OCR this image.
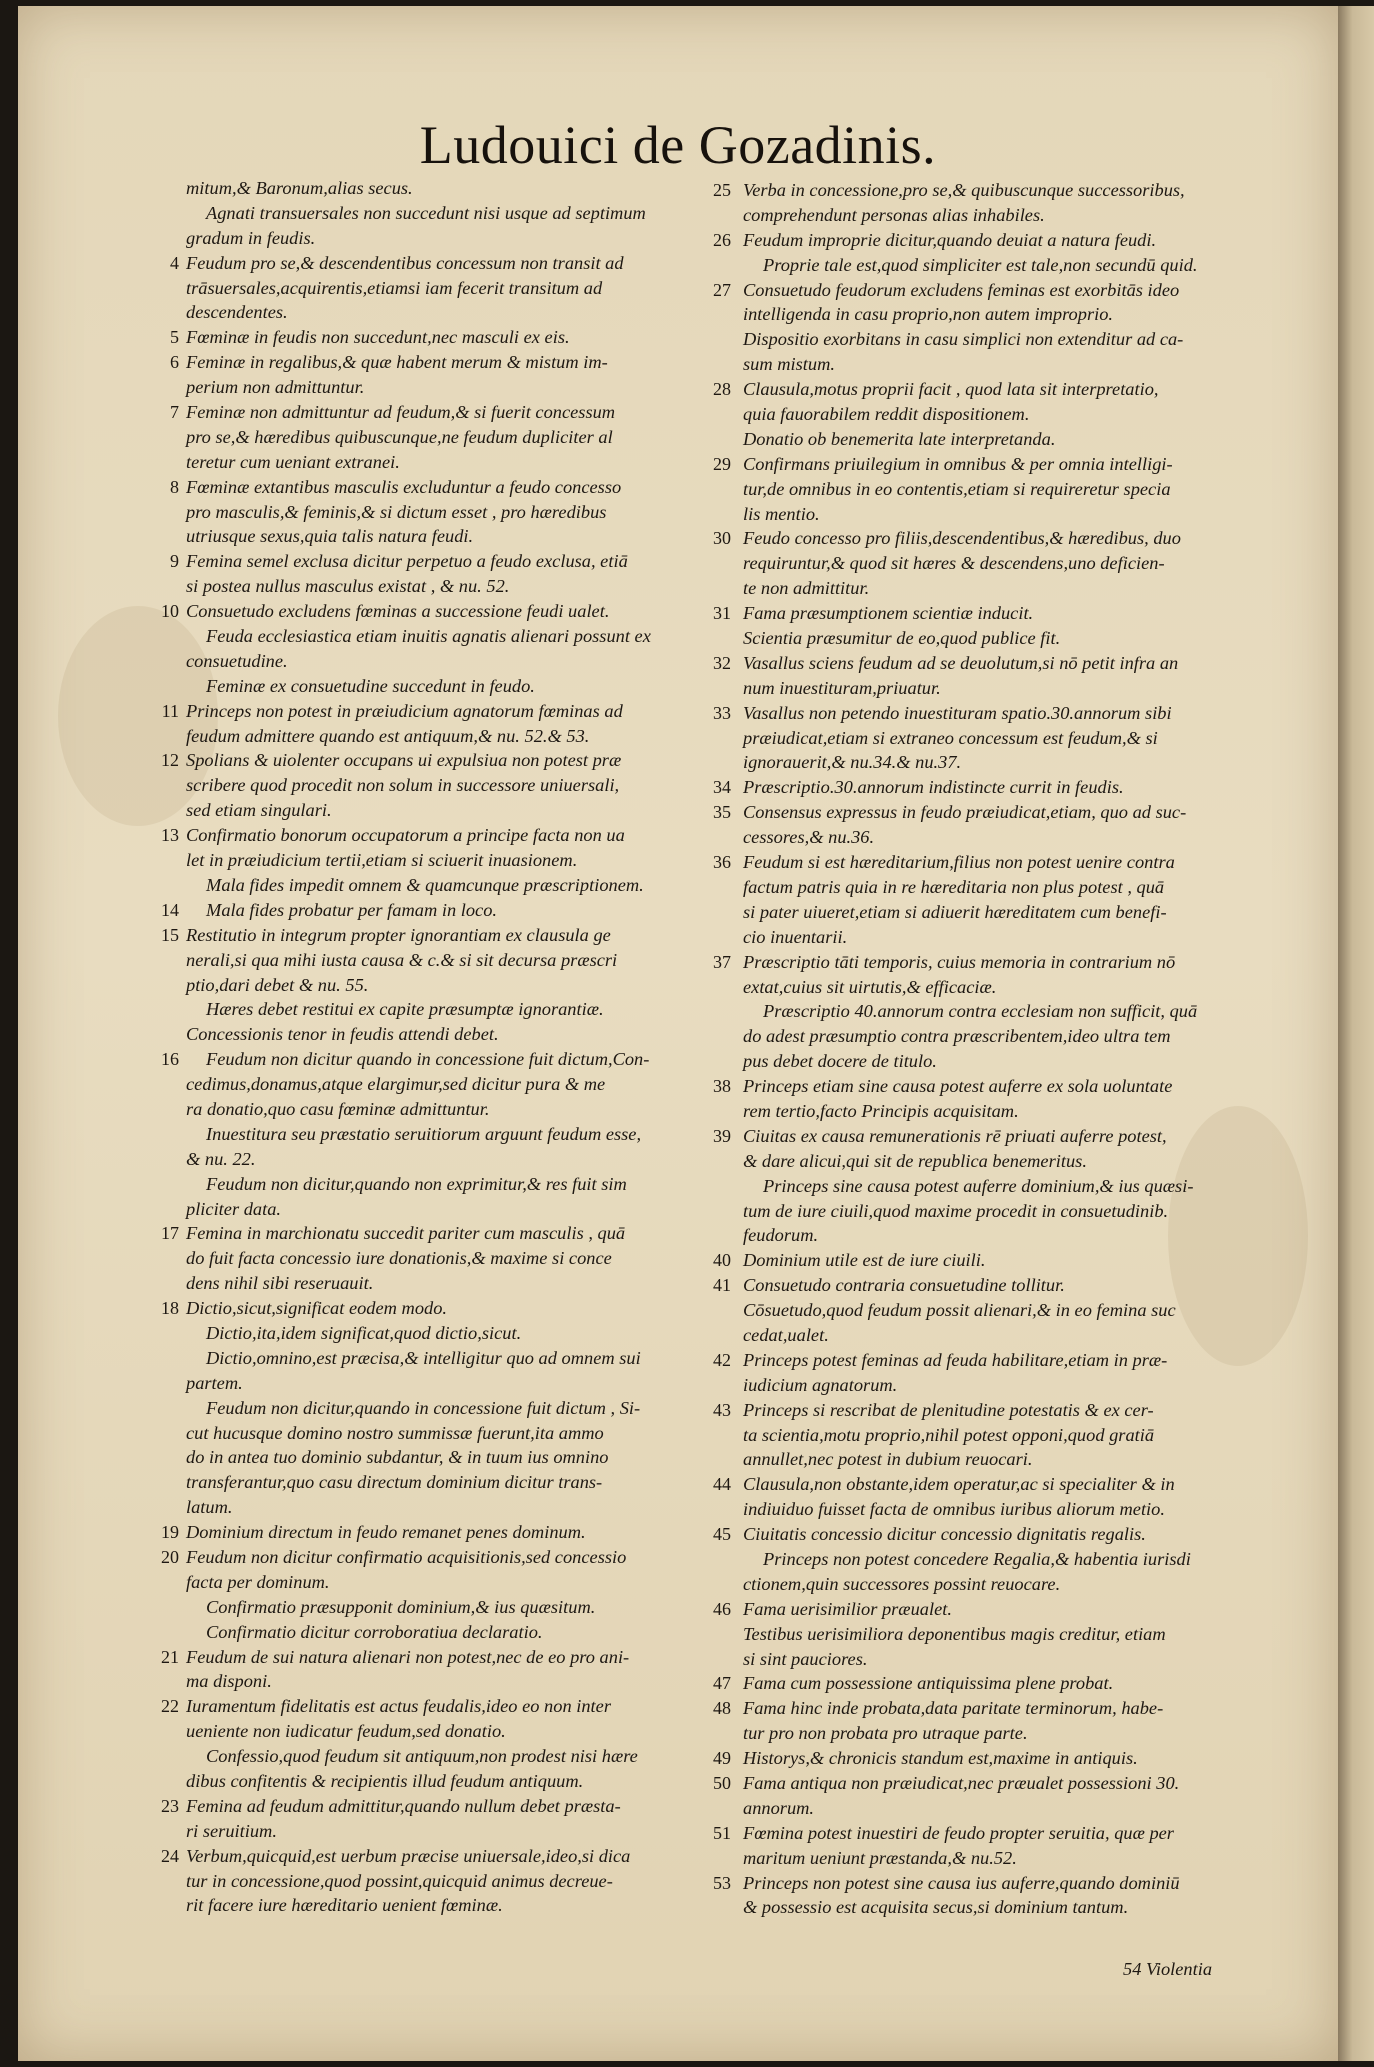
Ludouici de Gozadinis.
mitum,& Baronum,alias secus.
Agnati transuersales non succedunt nisi usque ad septimum
gradum in feudis.
4 Feudum pro se,& descendentibus concessum non transit ad
trāsuersales,acquirentis,etiamsi iam fecerit transitum ad
descendentes.
5 Fœminæ in feudis non succedunt,nec masculi ex eis.
6 Feminæ in regalibus,& quæ habent merum & mistum im-
perium non admittuntur.
7 Feminæ non admittuntur ad feudum,& si fuerit concessum
pro se,& hæredibus quibuscunque,ne feudum dupliciter al
teretur cum ueniant extranei.
8 Fœminæ extantibus masculis excluduntur a feudo concesso
pro masculis,& feminis,& si dictum esset , pro hæredibus
utriusque sexus,quia talis natura feudi.
9 Femina semel exclusa dicitur perpetuo a feudo exclusa, etiā
si postea nullus masculus existat , & nu. 52.
10 Consuetudo excludens fœminas a successione feudi ualet.
Feuda ecclesiastica etiam inuitis agnatis alienari possunt ex
consuetudine.
Feminæ ex consuetudine succedunt in feudo.
11 Princeps non potest in præiudicium agnatorum fœminas ad
feudum admittere quando est antiquum,& nu. 52.& 53.
12 Spolians & uiolenter occupans ui expulsiua non potest præ
scribere quod procedit non solum in successore uniuersali,
sed etiam singulari.
13 Confirmatio bonorum occupatorum a principe facta non ua
let in præiudicium tertii,etiam si sciuerit inuasionem.
Mala fides impedit omnem & quamcunque præscriptionem.
14 Mala fides probatur per famam in loco.
15 Restitutio in integrum propter ignorantiam ex clausula ge
nerali,si qua mihi iusta causa & c.& si sit decursa præscri
ptio,dari debet & nu. 55.
Hæres debet restitui ex capite præsumptæ ignorantiæ.
Concessionis tenor in feudis attendi debet.
16 Feudum non dicitur quando in concessione fuit dictum,Con-
cedimus,donamus,atque elargimur,sed dicitur pura & me
ra donatio,quo casu fœminæ admittuntur.
Inuestitura seu præstatio seruitiorum arguunt feudum esse,
& nu. 22.
Feudum non dicitur,quando non exprimitur,& res fuit sim
pliciter data.
17 Femina in marchionatu succedit pariter cum masculis , quā
do fuit facta concessio iure donationis,& maxime si conce
dens nihil sibi reseruauit.
18 Dictio,sicut,significat eodem modo.
Dictio,ita,idem significat,quod dictio,sicut.
Dictio,omnino,est præcisa,& intelligitur quo ad omnem sui
partem.
Feudum non dicitur,quando in concessione fuit dictum , Si-
cut hucusque domino nostro summissæ fuerunt,ita ammo
do in antea tuo dominio subdantur, & in tuum ius omnino
transferantur,quo casu directum dominium dicitur trans-
latum.
19 Dominium directum in feudo remanet penes dominum.
20 Feudum non dicitur confirmatio acquisitionis,sed concessio
facta per dominum.
Confirmatio præsupponit dominium,& ius quæsitum.
Confirmatio dicitur corroboratiua declaratio.
21 Feudum de sui natura alienari non potest,nec de eo pro ani-
ma disponi.
22 Iuramentum fidelitatis est actus feudalis,ideo eo non inter
ueniente non iudicatur feudum,sed donatio.
Confessio,quod feudum sit antiquum,non prodest nisi hære
dibus confitentis & recipientis illud feudum antiquum.
23 Femina ad feudum admittitur,quando nullum debet præsta-
ri seruitium.
24 Verbum,quicquid,est uerbum præcise uniuersale,ideo,si dica
tur in concessione,quod possint,quicquid animus decreue-
rit facere iure hæreditario uenient fœminæ.
25 Verba in concessione,pro se,& quibuscunque successoribus,
comprehendunt personas alias inhabiles.
26 Feudum improprie dicitur,quando deuiat a natura feudi.
Proprie tale est,quod simpliciter est tale,non secundū quid.
27 Consuetudo feudorum excludens feminas est exorbitās ideo
intelligenda in casu proprio,non autem improprio.
Dispositio exorbitans in casu simplici non extenditur ad ca-
sum mistum.
28 Clausula,motus proprii facit , quod lata sit interpretatio,
quia fauorabilem reddit dispositionem.
Donatio ob benemerita late interpretanda.
29 Confirmans priuilegium in omnibus & per omnia intelligi-
tur,de omnibus in eo contentis,etiam si requireretur specia
lis mentio.
30 Feudo concesso pro filiis,descendentibus,& hæredibus, duo
requiruntur,& quod sit hæres & descendens,uno deficien-
te non admittitur.
31 Fama præsumptionem scientiæ inducit.
Scientia præsumitur de eo,quod publice fit.
32 Vasallus sciens feudum ad se deuolutum,si nō petit infra an
num inuestituram,priuatur.
33 Vasallus non petendo inuestituram spatio.30.annorum sibi
præiudicat,etiam si extraneo concessum est feudum,& si
ignorauerit,& nu.34.& nu.37.
34 Præscriptio.30.annorum indistincte currit in feudis.
35 Consensus expressus in feudo præiudicat,etiam, quo ad suc-
cessores,& nu.36.
36 Feudum si est hæreditarium,filius non potest uenire contra
factum patris quia in re hæreditaria non plus potest , quā
si pater uiueret,etiam si adiuerit hæreditatem cum benefi-
cio inuentarii.
37 Præscriptio tāti temporis, cuius memoria in contrarium nō
extat,cuius sit uirtutis,& efficaciæ.
Præscriptio 40.annorum contra ecclesiam non sufficit, quā
do adest præsumptio contra præscribentem,ideo ultra tem
pus debet docere de titulo.
38 Princeps etiam sine causa potest auferre ex sola uoluntate
rem tertio,facto Principis acquisitam.
39 Ciuitas ex causa remunerationis rē priuati auferre potest,
& dare alicui,qui sit de republica benemeritus.
Princeps sine causa potest auferre dominium,& ius quæsi-
tum de iure ciuili,quod maxime procedit in consuetudinib.
feudorum.
40 Dominium utile est de iure ciuili.
41 Consuetudo contraria consuetudine tollitur.
Cōsuetudo,quod feudum possit alienari,& in eo femina suc
cedat,ualet.
42 Princeps potest feminas ad feuda habilitare,etiam in præ-
iudicium agnatorum.
43 Princeps si rescribat de plenitudine potestatis & ex cer-
ta scientia,motu proprio,nihil potest opponi,quod gratiā
annullet,nec potest in dubium reuocari.
44 Clausula,non obstante,idem operatur,ac si specialiter & in
indiuiduo fuisset facta de omnibus iuribus aliorum metio.
45 Ciuitatis concessio dicitur concessio dignitatis regalis.
Princeps non potest concedere Regalia,& habentia iurisdi
ctionem,quin successores possint reuocare.
46 Fama uerisimilior præualet.
Testibus uerisimiliora deponentibus magis creditur, etiam
si sint pauciores.
47 Fama cum possessione antiquissima plene probat.
48 Fama hinc inde probata,data paritate terminorum, habe-
tur pro non probata pro utraque parte.
49 Historys,& chronicis standum est,maxime in antiquis.
50 Fama antiqua non præiudicat,nec præualet possessioni 30.
annorum.
51 Fœmina potest inuestiri de feudo propter seruitia, quæ per
maritum ueniunt præstanda,& nu.52.
53 Princeps non potest sine causa ius auferre,quando dominiū
& possessio est acquisita secus,si dominium tantum.
54 Violentia
